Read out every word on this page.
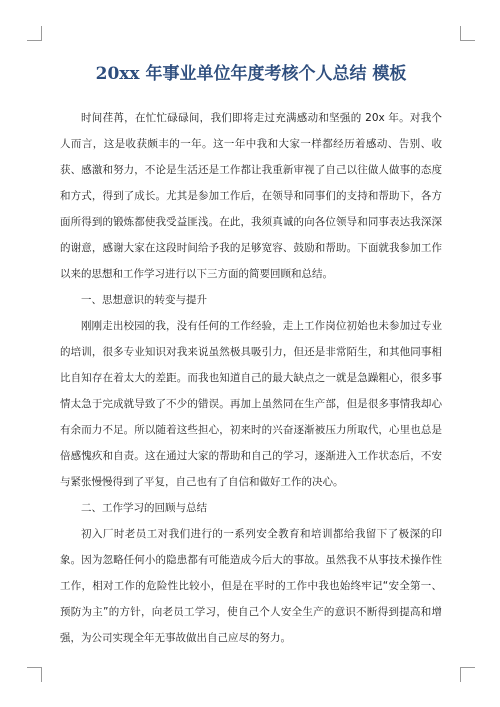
20xx 年事业单位年度考核个人总结 模板

时间荏苒，在忙忙碌碌间，我们即将走过充满感动和坚强的 20x 年。对我个人而言，这是收获颇丰的一年。这一年中我和大家一样都经历着感动、告别、收获、感激和努力，不论是生活还是工作都让我重新审视了自己以往做人做事的态度和方式，得到了成长。尤其是参加工作后，在领导和同事们的支持和帮助下，各方面所得到的锻炼都使我受益匪浅。在此，我须真诚的向各位领导和同事表达我深深的谢意，感谢大家在这段时间给予我的足够宽容、鼓励和帮助。下面就我参加工作以来的思想和工作学习进行以下三方面的简要回顾和总结。

一、思想意识的转变与提升

刚刚走出校园的我，没有任何的工作经验，走上工作岗位初始也未参加过专业的培训，很多专业知识对我来说虽然极具吸引力，但还是非常陌生，和其他同事相比自知存在着太大的差距。而我也知道自己的最大缺点之一就是急躁粗心，很多事情太急于完成就导致了不少的错误。再加上虽然同在生产部，但是很多事情我却心有余而力不足。所以随着这些担心，初来时的兴奋逐渐被压力所取代，心里也总是倍感愧疚和自责。这在通过大家的帮助和自己的学习，逐渐进入工作状态后，不安与紧张慢慢得到了平复，自己也有了自信和做好工作的决心。

二、工作学习的回顾与总结

初入厂时老员工对我们进行的一系列安全教育和培训都给我留下了极深的印象。因为忽略任何小的隐患都有可能造成今后大的事故。虽然我不从事技术操作性工作，相对工作的危险性比较小，但是在平时的工作中我也始终牢记“安全第一、预防为主”的方针，向老员工学习，使自己个人安全生产的意识不断得到提高和增强，为公司实现全年无事故做出自己应尽的努力。
